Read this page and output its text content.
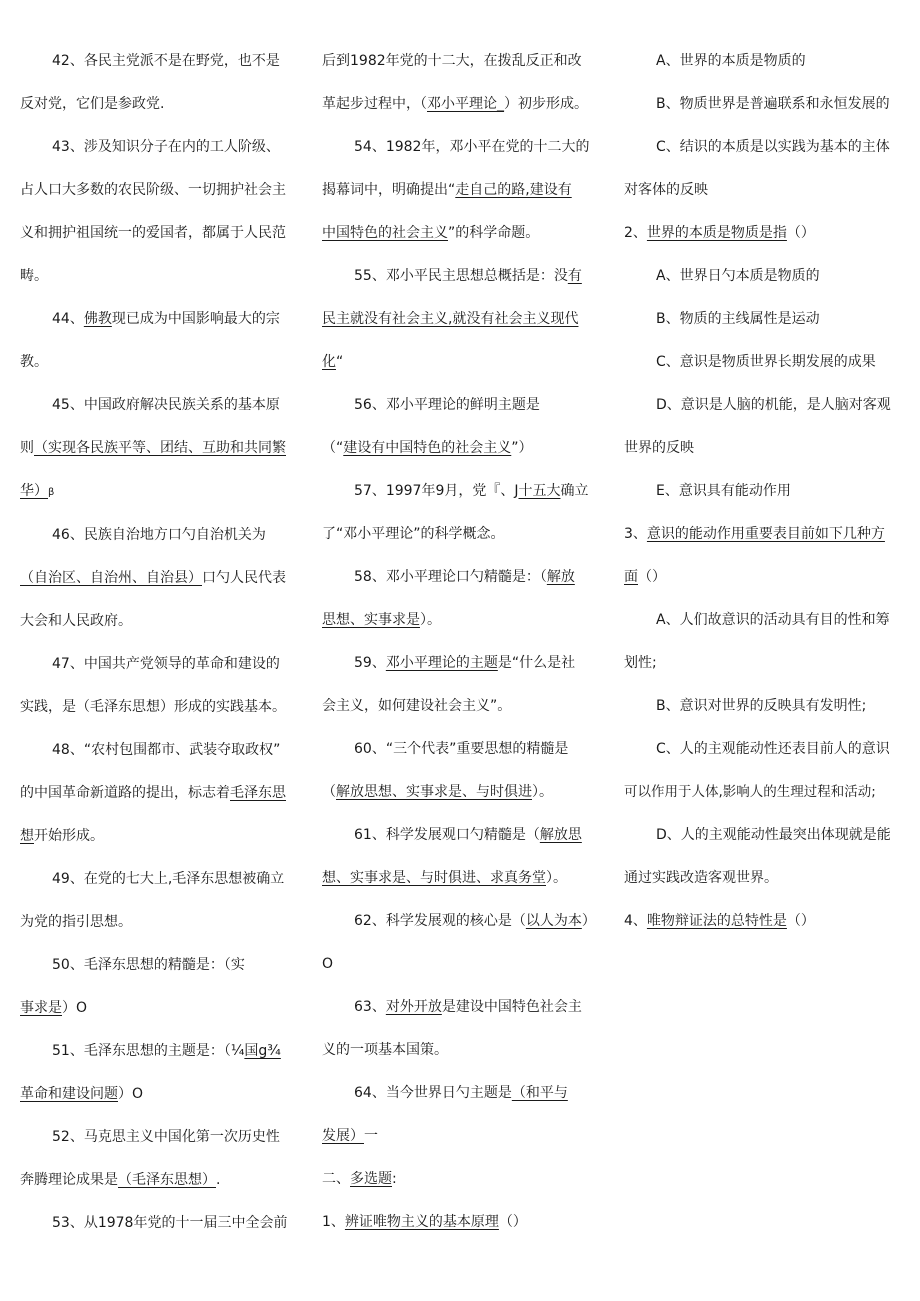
42、各民主党派不是在野党，也不是
反对党，它们是参政党.

43、涉及知识分子在内的工人阶级、
占人口大多数的农民阶级、一切拥护社会主
义和拥护祖国统一的爱国者，都属于人民范
畴。

44、佛教现已成为中国影响最大的宗
教。

45、中国政府解决民族关系的基本原
则（实现各民族平等、团结、互助和共同繁
华）β

46、民族自治地方口勺自治机关为
（自治区、自治州、自治县）口勺人民代表
大会和人民政府。

47、中国共产党领导的革命和建设的
实践，是（毛泽东思想）形成的实践基本。

48、“农村包围都市、武装夺取政权”
的中国革命新道路的提出，标志着毛泽东思
想开始形成。

49、在党的七大上,毛泽东思想被确立
为党的指引思想。

50、毛泽东思想的精髓是：（实
事求是）O

51、毛泽东思想的主题是：（¼国g¾
革命和建设问题）O

52、马克思主义中国化第一次历史性
奔腾理论成果是（毛泽东思想）.

53、从1978年党的十一届三中全会前

后到1982年党的十二大，在拨乱反正和改
革起步过程中，（邓小平理论_）初步形成。

54、1982年，邓小平在党的十二大的
揭幕词中，明确提出“走自己的路,建设有
中国特色的社会主义”的科学命题。

55、邓小平民主思想总概括是：没有
民主就没有社会主义,就没有社会主义现代
化“

56、邓小平理论的鲜明主题是
（“建设有中国特色的社会主义”）

57、1997年9月，党『、J十五大确立
了“邓小平理论”的科学概念。

58、邓小平理论口勺精髓是：（解放
思想、实事求是）。

59、邓小平理论的主题是“什么是社
会主义，如何建设社会主义”。

60、“三个代表”重要思想的精髓是
（解放思想、实事求是、与时俱进）。

61、科学发展观口勺精髓是（解放思
想、实事求是、与时俱进、求真务堂）。

62、科学发展观的核心是（以人为本）
O

63、对外开放是建设中国特色社会主
义的一项基本国策。

64、当今世界日勺主题是（和平与
发展）一

二、多选题:

1、辨证唯物主义的基本原理（）

A、世界的本质是物质的
B、物质世界是普遍联系和永恒发展的
C、结识的本质是以实践为基本的主体
对客体的反映

2、世界的本质是物质是指（）
A、世界日勺本质是物质的
B、物质的主线属性是运动
C、意识是物质世界长期发展的成果
D、意识是人脑的机能，是人脑对客观
世界的反映
E、意识具有能动作用

3、意识的能动作用重要表目前如下几种方
面（）
A、人们故意识的活动具有目的性和筹
划性;
B、意识对世界的反映具有发明性;
C、人的主观能动性还表目前人的意识
可以作用于人体,影响人的生理过程和活动;
D、人的主观能动性最突出体现就是能
通过实践改造客观世界。

4、唯物辩证法的总特性是（）
